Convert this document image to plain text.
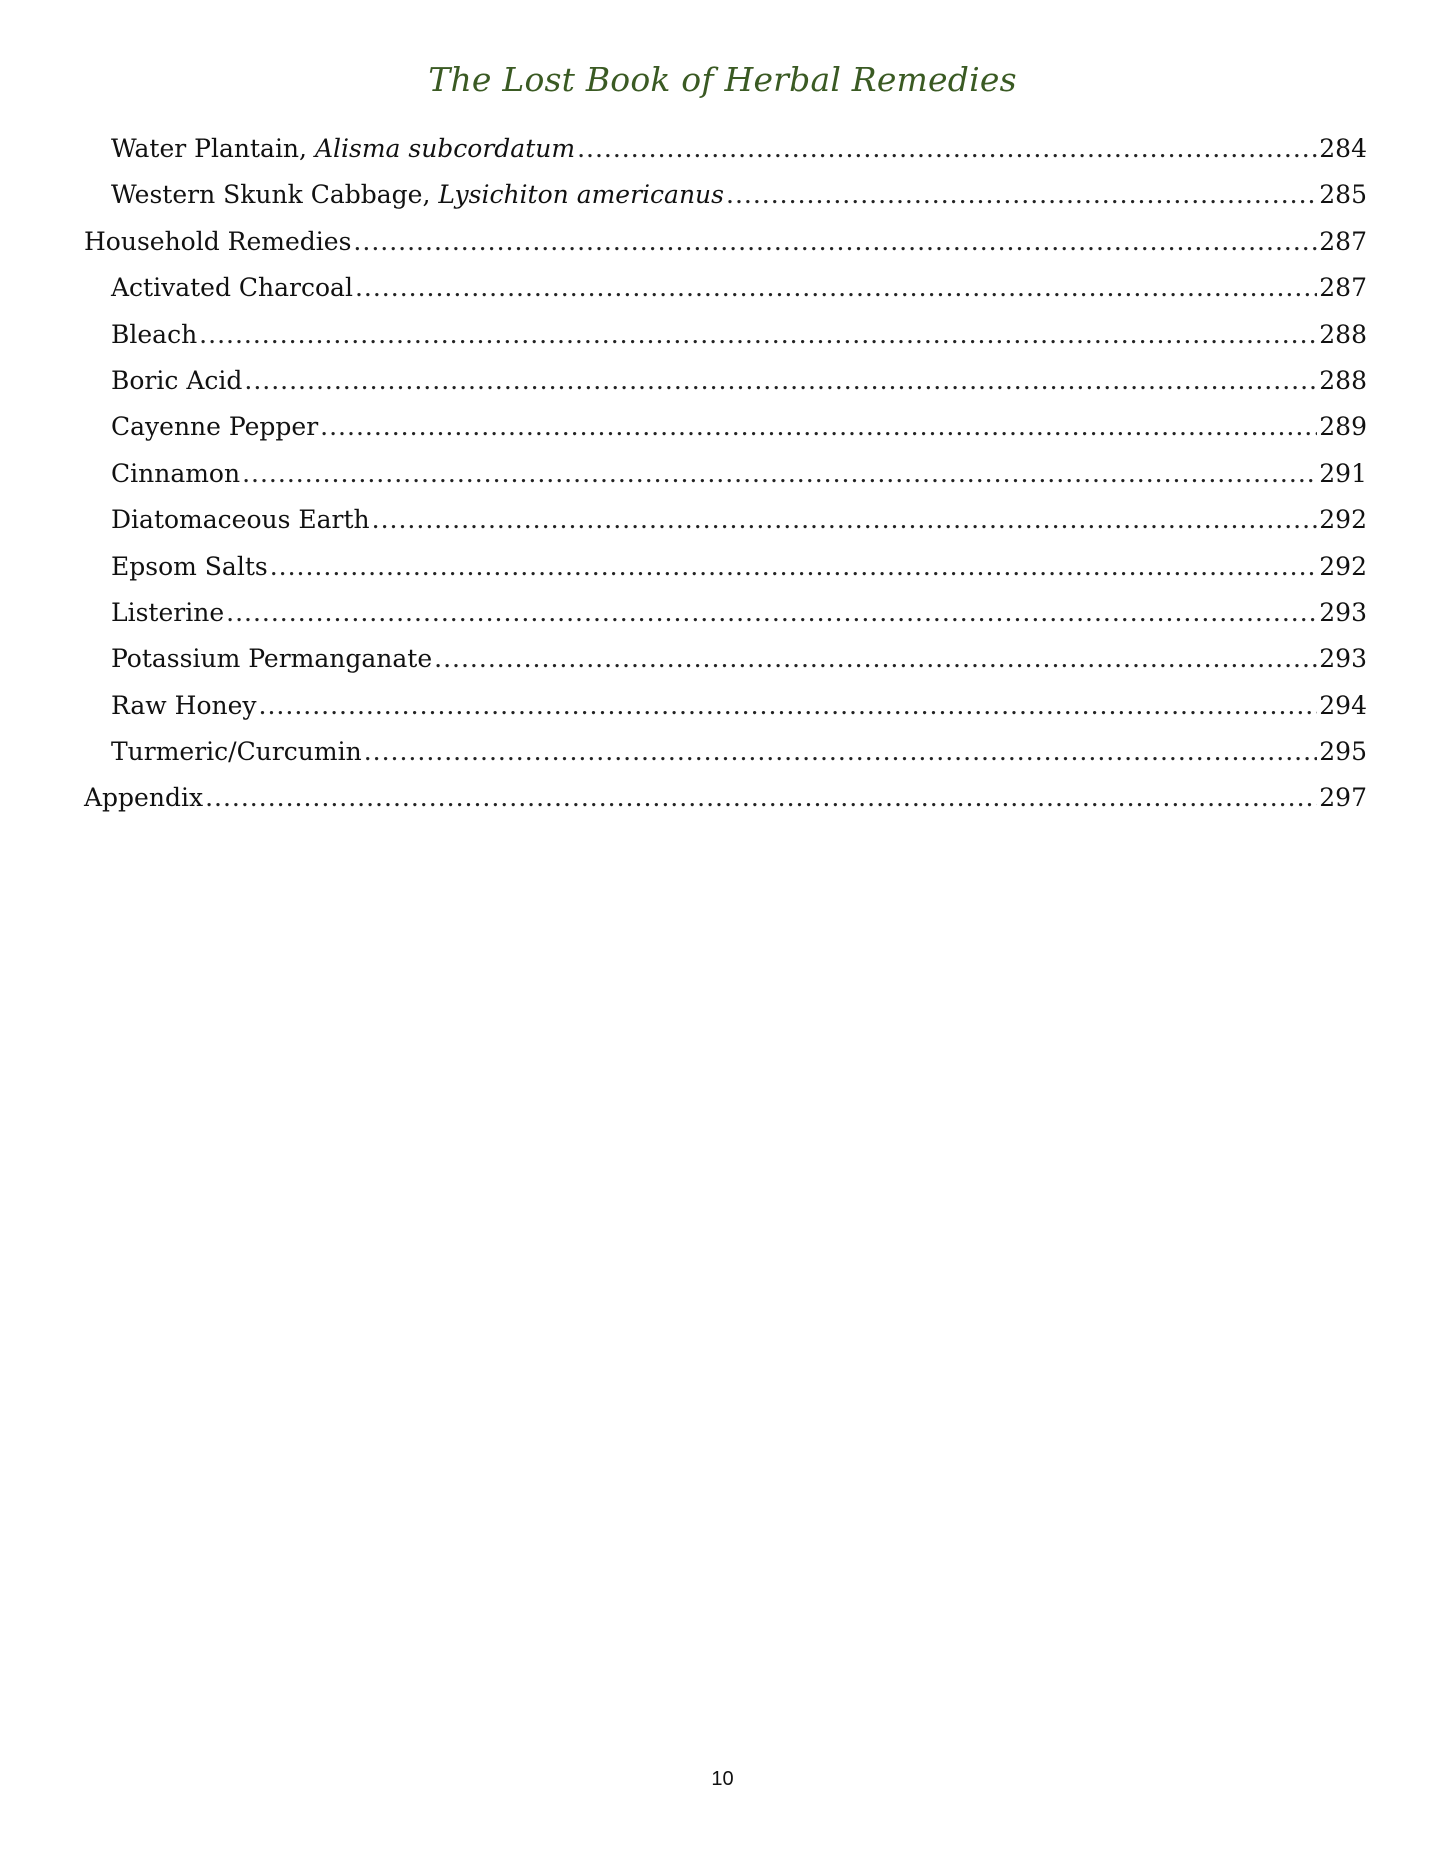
The Lost Book of Herbal Remedies
Water Plantain, Alisma subcordatum .....	284
Western Skunk Cabbage, Lysichiton americanus .....	285
Household Remedies .....	287
Activated Charcoal .....	287
Bleach .....	288
Boric Acid .....	288
Cayenne Pepper .....	289
Cinnamon .....	291
Diatomaceous Earth .....	292
Epsom Salts .....	292
Listerine .....	293
Potassium Permanganate .....	293
Raw Honey .....	294
Turmeric/Curcumin .....	295
Appendix .....	297
10
